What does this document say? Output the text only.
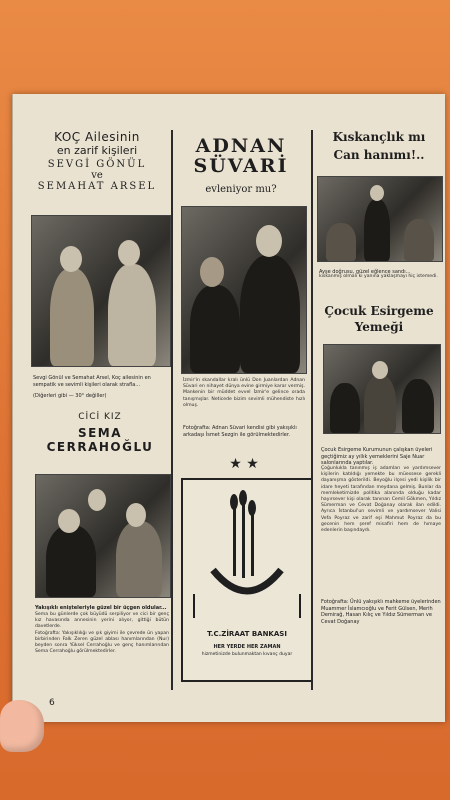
KOÇ Ailesinin

en zarif kişileri

SEVGİ GÖNÜL

ve

SEMAHAT ARSEL

Sevgi Gönül ve Semahat Arsel, Koç ailesinin en sempatik ve sevimli kişileri olarak strafla...

(Diğerleri gibi — 30° değiller)

CİCİ KIZ

SEMA CERRAHOĞLU

Yakışıklı enişteleriyle güzel bir üçgen oldular...

Sema bu günlerde çok büyüdü serpiliyor ve cici bir genç kız havasında annesinin yerini alıyor, gittiği bütün davetlerde.
Fotoğrafta: Yakışıklılığı ve şık giyimi ile çevrede ün yapan birbirinden Falk Zeren güzel ablası hanımlarından (Nur) beyden sonra Yüksel Cerrahoğlu ve genç hanımlarından Sema Cerrahoğlu görülmektedirler.

6

ADNAN SÜVARİ

evleniyor mu?

İzmir'in skandallar kralı ünlü Don Juanlardan Adnan Süvari en nihayet dünya evine girmiye karar vermiş. Mankenin bir müddet evvel İzmir'e gelince orada tanışmışlar. Neticede bizim sevimli mühendiste hızlı olmuş.

Fotoğrafta: Adnan Süvari kendisi gibi yakışıklı arkadaşı İsmet Sezgin ile görülmektedirler.

★ ★

T.C.ZİRAAT BANKASI

HER YERDE HER ZAMAN

hizmetinizde bulunmaktan kıvanç duyar

Kıskançlık mı

Can hanımı!..

Ayşe doğrusu, güzel eğlence sandı...

kıskanmış olmalı ki yanına yaklaşmayı hiç istemedi.

Çocuk Esirgeme

Yemeği

Çocuk Esirgeme Kurumunun çalışkan üyeleri geçtiğimiz ay yıllık yemeklerini Saje Nuar salonlarında yaptılar.

Çoğunlukla tanınmış iş adamları ve yardımsever kişilerin katıldığı yemekte bu müessese gerekli dayanışma gösterildi. Beyoğlu ilçesi yedi kişilik bir idare heyeti tarafından meydana gelmiş. Bunlar da memleketimizde politika alanında olduğu kadar hayırsever kişi olarak tanınan Cemil Gökmen, Yıldız Sümerman ve Cevat Doğanay olarak ilan edildi. Ayrıca İstanbul'un sevimli ve yardımsever Valisi Vefa Poyraz ve zarif eşi Mahmut Poyraz da bu gecenin hem şeref misafiri hem de hımaye edenlerin başındaydı.

Fotoğrafta: Ünlü yakışıklı mahkeme üyelerinden Muammer İslamcıoğlu ve Ferit Gülsen, Merih Demirağ, Hasan Kılıç ve Yıldız Sümerman ve Cevat Doğanay
